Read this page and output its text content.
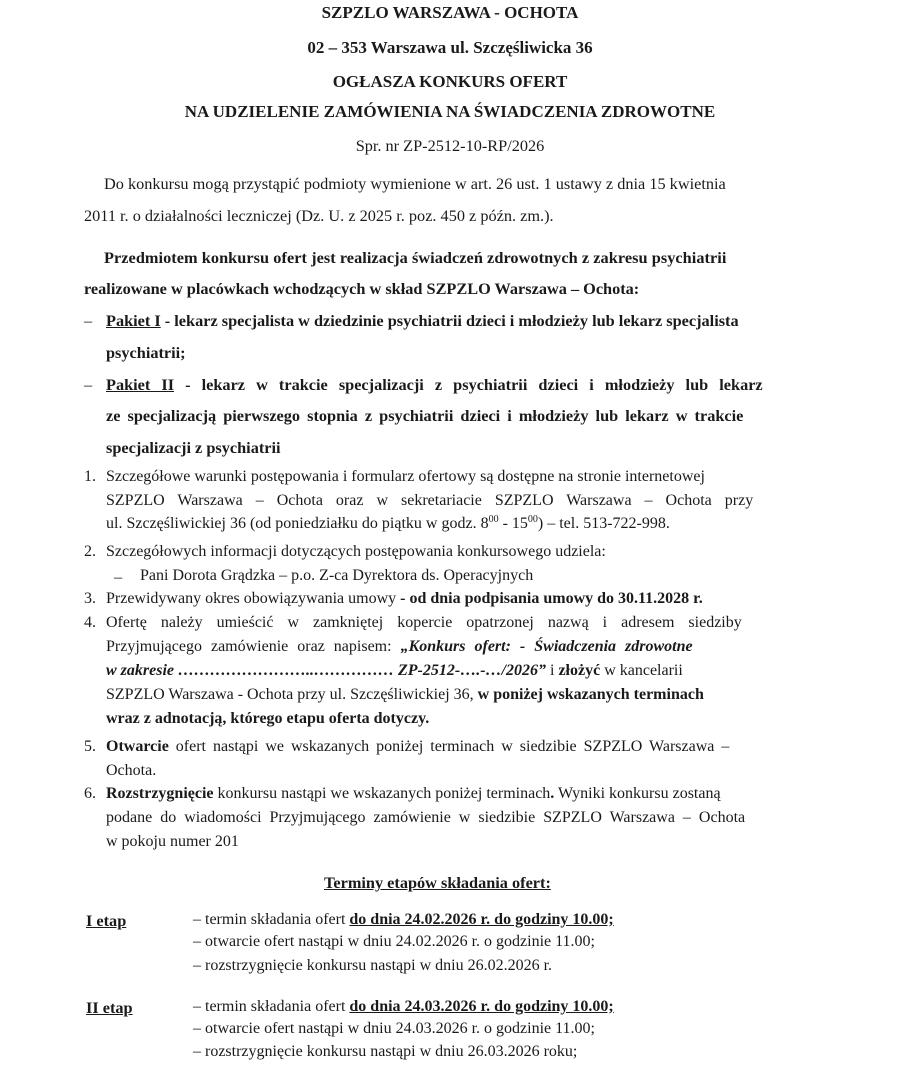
SZPZLO WARSZAWA - OCHOTA
02 – 353 Warszawa ul. Szczęśliwicka 36
OGŁASZA KONKURS OFERT
NA UDZIELENIE ZAMÓWIENIA NA ŚWIADCZENIA ZDROWOTNE
Spr. nr ZP-2512-10-RP/2026
Do konkursu mogą przystąpić podmioty wymienione w art. 26 ust. 1 ustawy z dnia 15 kwietnia
2011 r. o działalności leczniczej (Dz. U. z 2025 r. poz. 450 z późn. zm.).
Przedmiotem konkursu ofert jest realizacja świadczeń zdrowotnych z zakresu psychiatrii
realizowane w placówkach wchodzących w skład SZPZLO Warszawa – Ochota:
– Pakiet I - lekarz specjalista w dziedzinie psychiatrii dzieci i młodzieży lub lekarz specjalista
psychiatrii;
– Pakiet II - lekarz w trakcie specjalizacji z psychiatrii dzieci i młodzieży lub lekarz
ze specjalizacją pierwszego stopnia z psychiatrii dzieci i młodzieży lub lekarz w trakcie
specjalizacji z psychiatrii
1. Szczegółowe warunki postępowania i formularz ofertowy są dostępne na stronie internetowej
SZPZLO Warszawa – Ochota oraz w sekretariacie SZPZLO Warszawa – Ochota przy
ul. Szczęśliwickiej 36 (od poniedziałku do piątku w godz. $8^{00} - 15^{00}$) – tel. 513-722-998.
2. Szczegółowych informacji dotyczących postępowania konkursowego udziela:
– Pani Dorota Grądzka – p.o. Z-ca Dyrektora ds. Operacyjnych
3. Przewidywany okres obowiązywania umowy - od dnia podpisania umowy do 30.11.2028 r.
4. Ofertę należy umieścić w zamkniętej kopercie opatrzonej nazwą i adresem siedziby
Przyjmującego zamówienie oraz napisem: „Konkurs ofert: - Świadczenia zdrowotne
w zakresie ……………………..…………… ZP-2512-….-…/2026” i złożyć w kancelarii
SZPZLO Warszawa - Ochota przy ul. Szczęśliwickiej 36, w poniżej wskazanych terminach
wraz z adnotacją, którego etapu oferta dotyczy.
5. Otwarcie ofert nastąpi we wskazanych poniżej terminach w siedzibie SZPZLO Warszawa –
Ochota.
6. Rozstrzygnięcie konkursu nastąpi we wskazanych poniżej terminach. Wyniki konkursu zostaną
podane do wiadomości Przyjmującego zamówienie w siedzibie SZPZLO Warszawa – Ochota
w pokoju numer 201
Terminy etapów składania ofert:
I etap	– termin składania ofert do dnia 24.02.2026 r. do godziny 10.00;
– otwarcie ofert nastąpi w dniu 24.02.2026 r. o godzinie 11.00;
– rozstrzygnięcie konkursu nastąpi w dniu 26.02.2026 r.
II etap	– termin składania ofert do dnia 24.03.2026 r. do godziny 10.00;
– otwarcie ofert nastąpi w dniu 24.03.2026 r. o godzinie 11.00;
– rozstrzygnięcie konkursu nastąpi w dniu 26.03.2026 roku;
